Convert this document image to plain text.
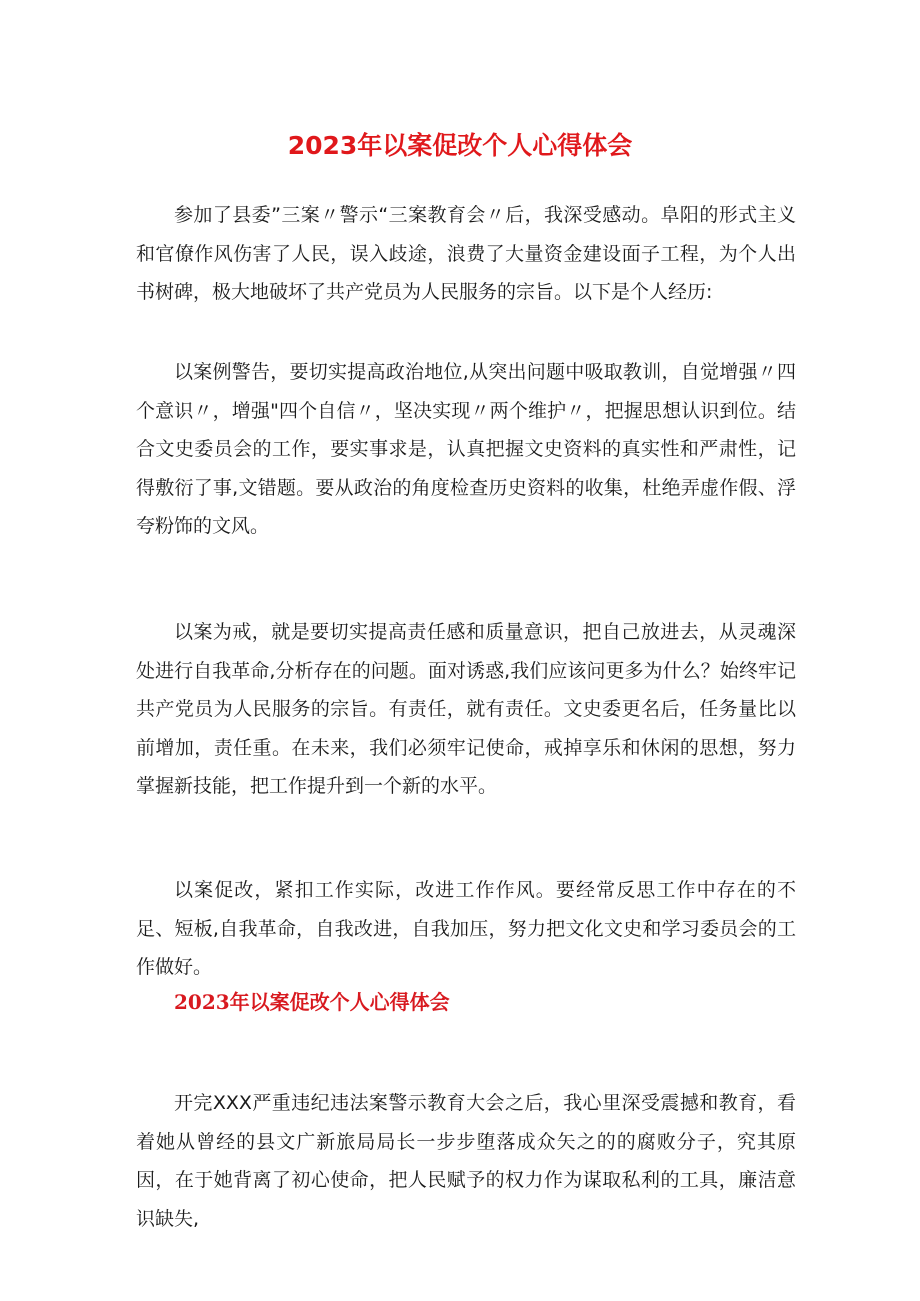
2023年以案促改个人心得体会

参加了县委”三案〃警示“三案教育会〃后，我深受感动。阜阳的形式主义和官僚作风伤害了人民，误入歧途，浪费了大量资金建设面子工程，为个人出书树碑，极大地破坏了共产党员为人民服务的宗旨。以下是个人经历:

以案例警告，要切实提高政治地位,从突出问题中吸取教训，自觉增强〃四个意识〃，增强"四个自信〃，坚决实现〃两个维护〃，把握思想认识到位。结合文史委员会的工作，要实事求是，认真把握文史资料的真实性和严肃性，记得敷衍了事,文错题。要从政治的角度检查历史资料的收集，杜绝弄虚作假、浮夸粉饰的文风。

以案为戒，就是要切实提高责任感和质量意识，把自己放进去，从灵魂深处进行自我革命,分析存在的问题。面对诱惑,我们应该问更多为什么？始终牢记共产党员为人民服务的宗旨。有责任，就有责任。文史委更名后，任务量比以前增加，责任重。在未来，我们必须牢记使命，戒掉享乐和休闲的思想，努力掌握新技能，把工作提升到一个新的水平。

以案促改，紧扣工作实际，改进工作作风。要经常反思工作中存在的不足、短板,自我革命，自我改进，自我加压，努力把文化文史和学习委员会的工作做好。

2023年以案促改个人心得体会

开完XXX严重违纪违法案警示教育大会之后，我心里深受震撼和教育，看着她从曾经的县文广新旅局局长一步步堕落成众矢之的的腐败分子，究其原因，在于她背离了初心使命，把人民赋予的权力作为谋取私利的工具，廉洁意识缺失,
